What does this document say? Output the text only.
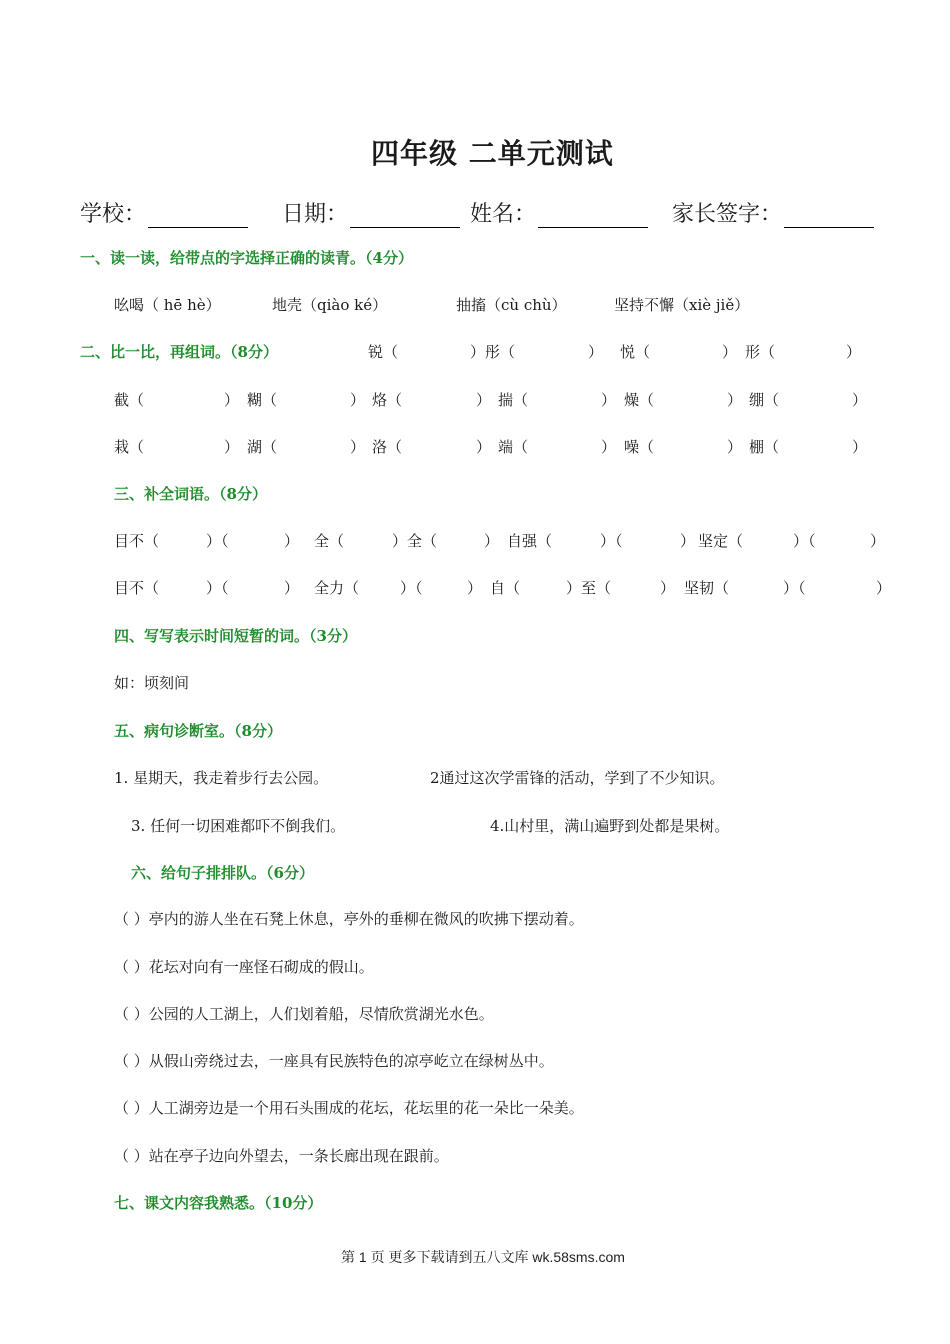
四年级 二单元测试
学校：	日期：	姓名：	家长签字：
一、读一读，给带点的字选择正确的读青。（4分）
吆喝（ hē hè）	地壳（qiào ké）	抽搐（cù chù）	坚持不懈（xiè jiě）
二、比一比，再组词。（8分）	锐（	）彤（	） 悦（	） 形（	）
截（	） 糊（	） 烙（	） 揣（	） 燥（	） 绷（	）
栽（	） 湖（	） 洛（	） 端（	） 噪（	） 棚（	）
三、补全词语。（8分）
目不（	）（	） 全（	）全（	） 自强（	）（	） 坚定（	）（	）
目不（	）（	） 全力（	）（	） 自（	）至（	） 坚韧（	）（	）
四、写写表示时间短暂的词。（3分）
如：顷刻间
五、病句诊断室。（8分）
1. 星期天，我走着步行去公园。	2通过这次学雷锋的活动，学到了不少知识。
3. 任何一切困难都吓不倒我们。	4.山村里，满山遍野到处都是果树。
六、给句子排排队。（6分）
（ ）亭内的游人坐在石凳上休息，亭外的垂柳在微风的吹拂下摆动着。
（ ）花坛对向有一座怪石砌成的假山。
（ ）公园的人工湖上，人们划着船，尽情欣赏湖光水色。
（ ）从假山旁绕过去，一座具有民族特色的凉亭屹立在绿树丛中。
（ ）人工湖旁边是一个用石头围成的花坛，花坛里的花一朵比一朵美。
（ ）站在亭子边向外望去，一条长廊出现在跟前。
七、课文内容我熟悉。（10分）
第 1 页 更多下载请到五八文库 wk.58sms.com
